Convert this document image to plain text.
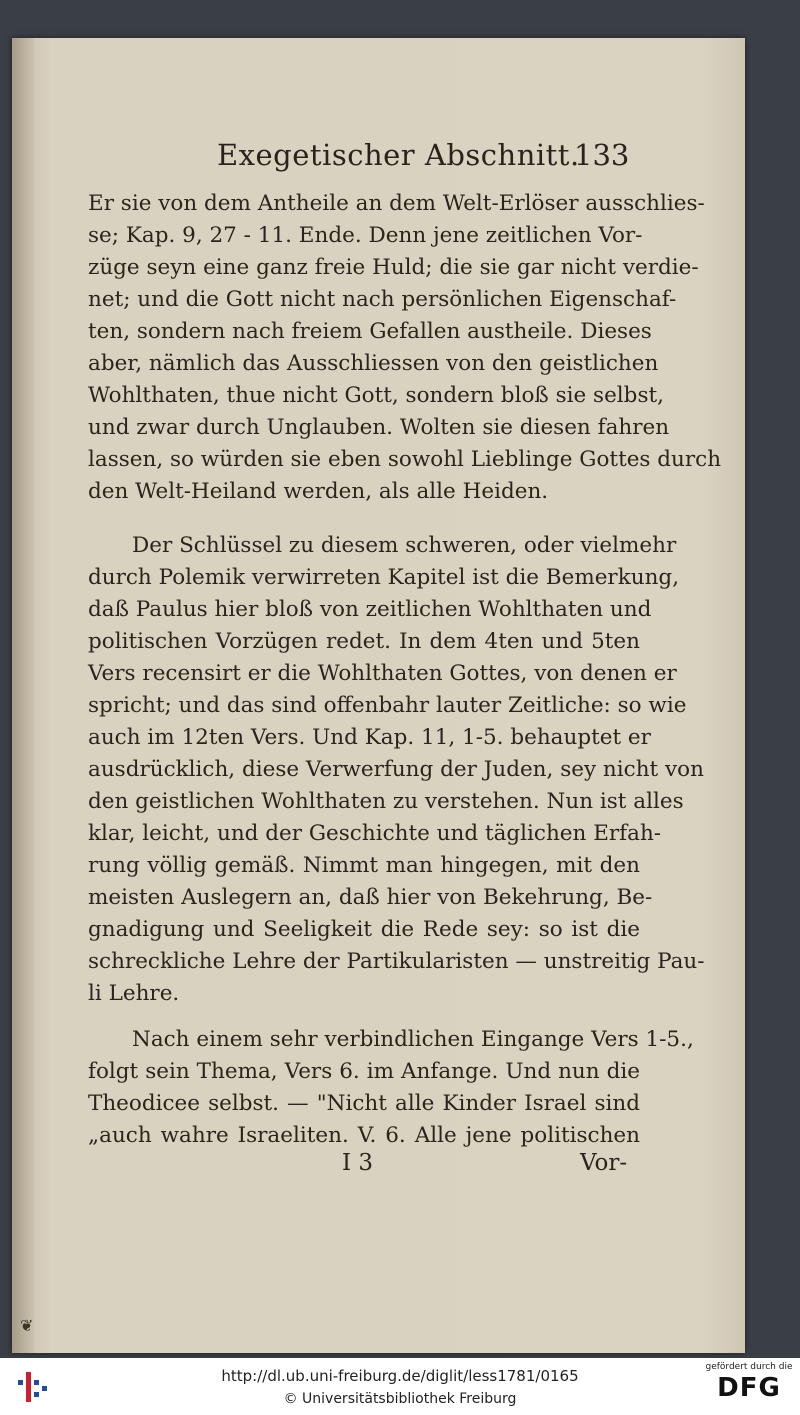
Exegetischer Abschnitt.
133
Er sie von dem Antheile an dem Welt-Erlöser ausschlies-
se; Kap. 9, 27 - 11. Ende. Denn jene zeitlichen Vor-
züge seyn eine ganz freie Huld; die sie gar nicht verdie-
net; und die Gott nicht nach persönlichen Eigenschaf-
ten, sondern nach freiem Gefallen austheile. Dieses
aber, nämlich das Ausschliessen von den geistlichen
Wohlthaten, thue nicht Gott, sondern bloß sie selbst,
und zwar durch Unglauben. Wolten sie diesen fahren
lassen, so würden sie eben sowohl Lieblinge Gottes durch
den Welt-Heiland werden, als alle Heiden.
Der Schlüssel zu diesem schweren, oder vielmehr
durch Polemik verwirreten Kapitel ist die Bemerkung,
daß Paulus hier bloß von zeitlichen Wohlthaten und
politischen Vorzügen redet. In dem 4ten und 5ten
Vers recensirt er die Wohlthaten Gottes, von denen er
spricht; und das sind offenbahr lauter Zeitliche: so wie
auch im 12ten Vers. Und Kap. 11, 1-5. behauptet er
ausdrücklich, diese Verwerfung der Juden, sey nicht von
den geistlichen Wohlthaten zu verstehen. Nun ist alles
klar, leicht, und der Geschichte und täglichen Erfah-
rung völlig gemäß. Nimmt man hingegen, mit den
meisten Auslegern an, daß hier von Bekehrung, Be-
gnadigung und Seeligkeit die Rede sey: so ist die
schreckliche Lehre der Partikularisten — unstreitig Pau-
li Lehre.
Nach einem sehr verbindlichen Eingange Vers 1-5.,
folgt sein Thema, Vers 6. im Anfange. Und nun die
Theodicee selbst. — "Nicht alle Kinder Israel sind
„auch wahre Israeliten. V. 6. Alle jene politischen
I 3	Vor-
❦
http://dl.ub.uni-freiburg.de/diglit/less1781/0165
© Universitätsbibliothek Freiburg
gefördert durch die
DFG
